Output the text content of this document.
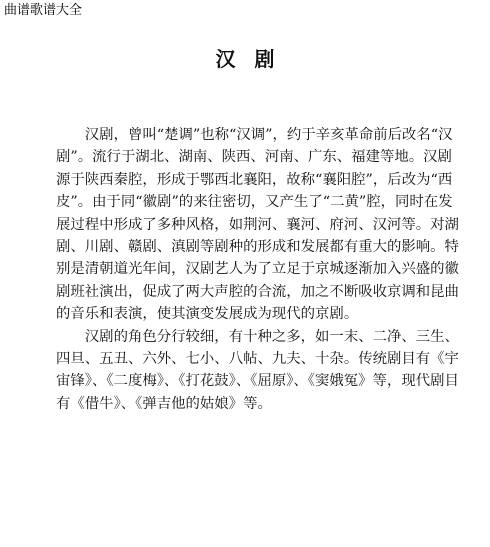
曲谱歌谱大全
汉 剧
　　汉剧，曾叫“楚调”也称“汉调”，约于辛亥革命前后改名“汉
剧”。流行于湖北、湖南、陕西、河南、广东、福建等地。汉剧
源于陕西秦腔，形成于鄂西北襄阳，故称“襄阳腔”，后改为“西
皮”。由于同“徽剧”的来往密切，又产生了“二黄”腔，同时在发
展过程中形成了多种风格，如荆河、襄河、府河、汉河等。对湖
剧、川剧、赣剧、滇剧等剧种的形成和发展都有重大的影响。特
别是清朝道光年间，汉剧艺人为了立足于京城逐渐加入兴盛的徽
剧班社演出，促成了两大声腔的合流，加之不断吸收京调和昆曲
的音乐和表演，使其演变发展成为现代的京剧。
　　汉剧的角色分行较细，有十种之多，如一末、二净、三生、
四旦、五丑、六外、七小、八帖、九夫、十杂。传统剧目有《宇
宙锋》、《二度梅》、《打花鼓》、《屈原》、《窦娥冤》等，现代剧目
有《借牛》、《弹吉他的姑娘》等。
